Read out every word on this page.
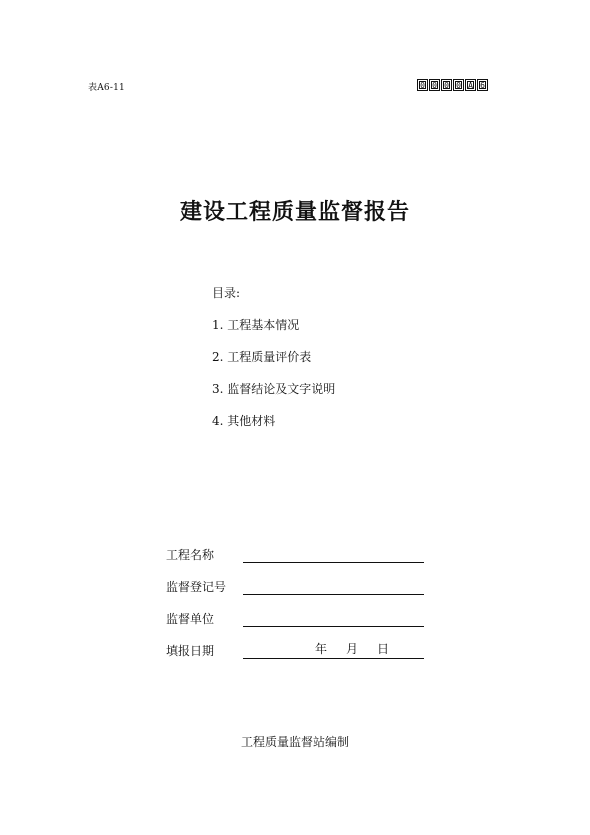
表A6-11	0 0 0 0 A 6
建设工程质量监督报告
目录:
1. 工程基本情况
2. 工程质量评价表
3. 监督结论及文字说明
4. 其他材料
工程名称
监督登记号
监督单位
填报日期	年 月 日
工程质量监督站编制
